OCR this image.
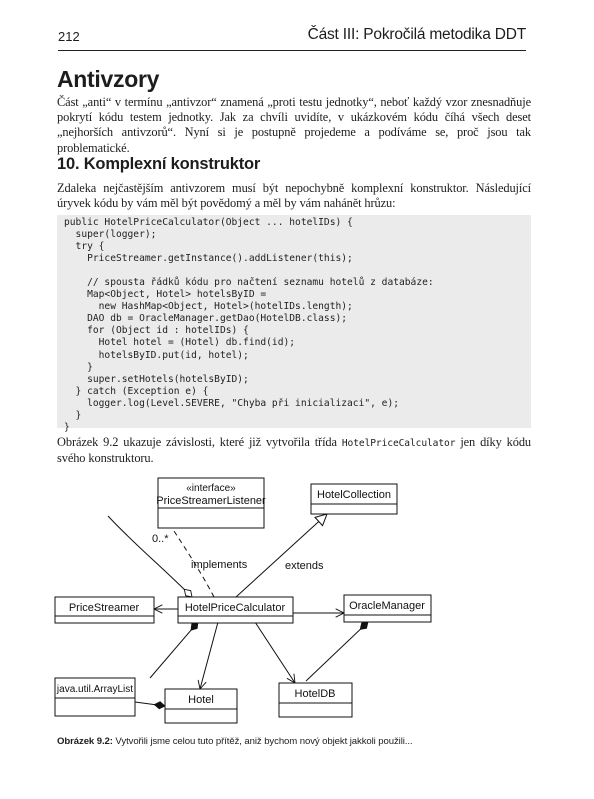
212	Část III: Pokročilá metodika DDT
Antivzory

Část „anti“ v termínu „antivzor“ znamená „proti testu jednotky“, neboť každý vzor znesnadňuje pokrytí kódu testem jednotky. Jak za chvíli uvidíte, v ukázkovém kódu číhá všech deset „nejhorších antivzorů“. Nyní si je postupně projedeme a podíváme se, proč jsou tak problematické.

10. Komplexní konstruktor

Zdaleka nejčastějším antivzorem musí být nepochybně komplexní konstruktor. Následující úryvek kódu by vám měl být povědomý a měl by vám nahánět hrůzu:

public HotelPriceCalculator(Object ... hotelIDs) {
super(logger);
try {
PriceStreamer.getInstance().addListener(this);

// spousta řádků kódu pro načtení seznamu hotelů z databáze:
Map<Object, Hotel> hotelsByID =
new HashMap<Object, Hotel>(hotelIDs.length);
DAO db = OracleManager.getDao(HotelDB.class);
for (Object id : hotelIDs) {
Hotel hotel = (Hotel) db.find(id);
hotelsByID.put(id, hotel);
}
super.setHotels(hotelsByID);
} catch (Exception e) {
logger.log(Level.SEVERE, "Chyba při inicializaci", e);
}
}

Obrázek 9.2 ukazuje závislosti, které již vytvořila třída HotelPriceCalculator jen díky kódu svého konstruktoru.

«interface»
PriceStreamerListener	HotelCollection
PriceStreamer	HotelPriceCalculator	OracleManager
java.util.ArrayList
Hotel	HotelDB
0..*
implements	extends
Obrázek 9.2: Vytvořili jsme celou tuto přítěž, aniž bychom nový objekt jakkoli použili...
